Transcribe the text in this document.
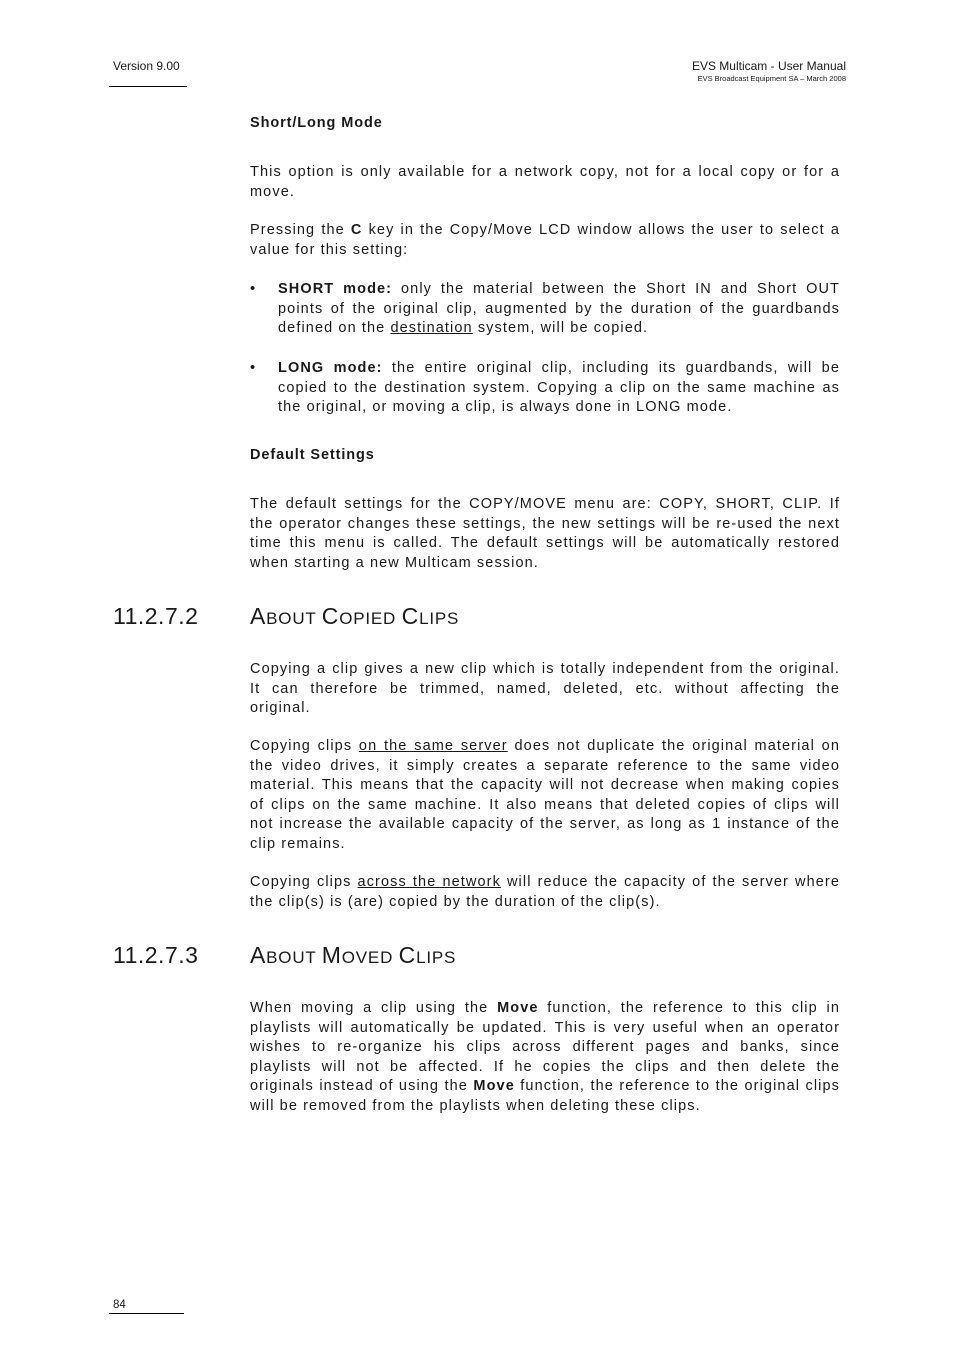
Version 9.00	EVS Multicam - User Manual
EVS Broadcast Equipment SA – March 2008
Short/Long Mode
This option is only available for a network copy, not for a local copy or for a move.
Pressing the C key in the Copy/Move LCD window allows the user to select a value for this setting:
•	SHORT mode: only the material between the Short IN and Short OUT points of the original clip, augmented by the duration of the guardbands defined on the destination system, will be copied.
•	LONG mode: the entire original clip, including its guardbands, will be copied to the destination system. Copying a clip on the same machine as the original, or moving a clip, is always done in LONG mode.
Default Settings
The default settings for the COPY/MOVE menu are: COPY, SHORT, CLIP. If the operator changes these settings, the new settings will be re-used the next time this menu is called. The default settings will be automatically restored when starting a new Multicam session.
11.2.7.2 ABOUT COPIED CLIPS
Copying a clip gives a new clip which is totally independent from the original. It can therefore be trimmed, named, deleted, etc. without affecting the original.
Copying clips on the same server does not duplicate the original material on the video drives, it simply creates a separate reference to the same video material. This means that the capacity will not decrease when making copies of clips on the same machine. It also means that deleted copies of clips will not increase the available capacity of the server, as long as 1 instance of the clip remains.
Copying clips across the network will reduce the capacity of the server where the clip(s) is (are) copied by the duration of the clip(s).
11.2.7.3 ABOUT MOVED CLIPS
When moving a clip using the Move function, the reference to this clip in playlists will automatically be updated. This is very useful when an operator wishes to re-organize his clips across different pages and banks, since playlists will not be affected. If he copies the clips and then delete the originals instead of using the Move function, the reference to the original clips will be removed from the playlists when deleting these clips.
84
